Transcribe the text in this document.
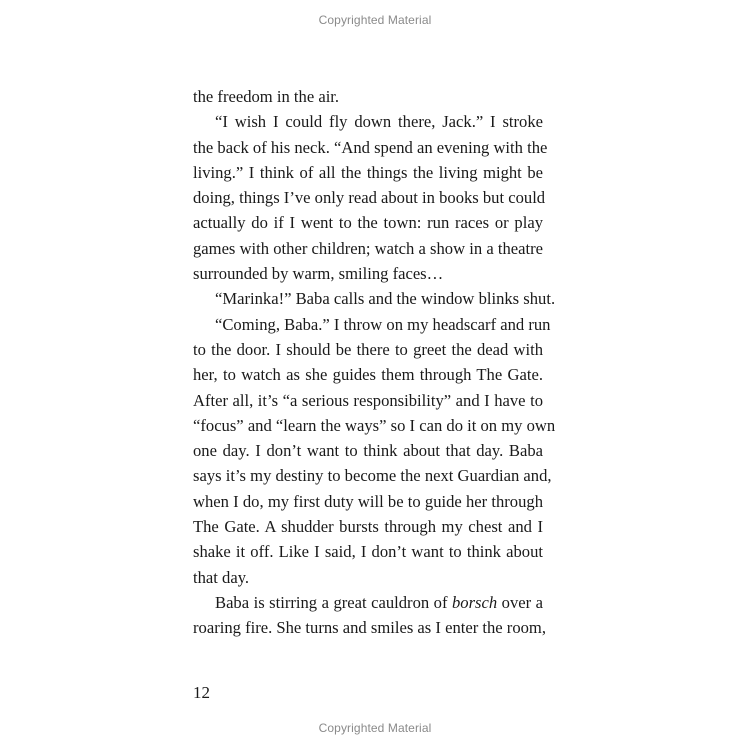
Copyrighted Material
the freedom in the air.
“I wish I could fly down there, Jack.” I stroke
the back of his neck. “And spend an evening with the
living.” I think of all the things the living might be
doing, things I’ve only read about in books but could
actually do if I went to the town: run races or play
games with other children; watch a show in a theatre
surrounded by warm, smiling faces…
“Marinka!” Baba calls and the window blinks shut.
“Coming, Baba.” I throw on my headscarf and run
to the door. I should be there to greet the dead with
her, to watch as she guides them through The Gate.
After all, it’s “a serious responsibility” and I have to
“focus” and “learn the ways” so I can do it on my own
one day. I don’t want to think about that day. Baba
says it’s my destiny to become the next Guardian and,
when I do, my first duty will be to guide her through
The Gate. A shudder bursts through my chest and I
shake it off. Like I said, I don’t want to think about
that day.
Baba is stirring a great cauldron of borsch over a
roaring fire. She turns and smiles as I enter the room,
12
Copyrighted Material
